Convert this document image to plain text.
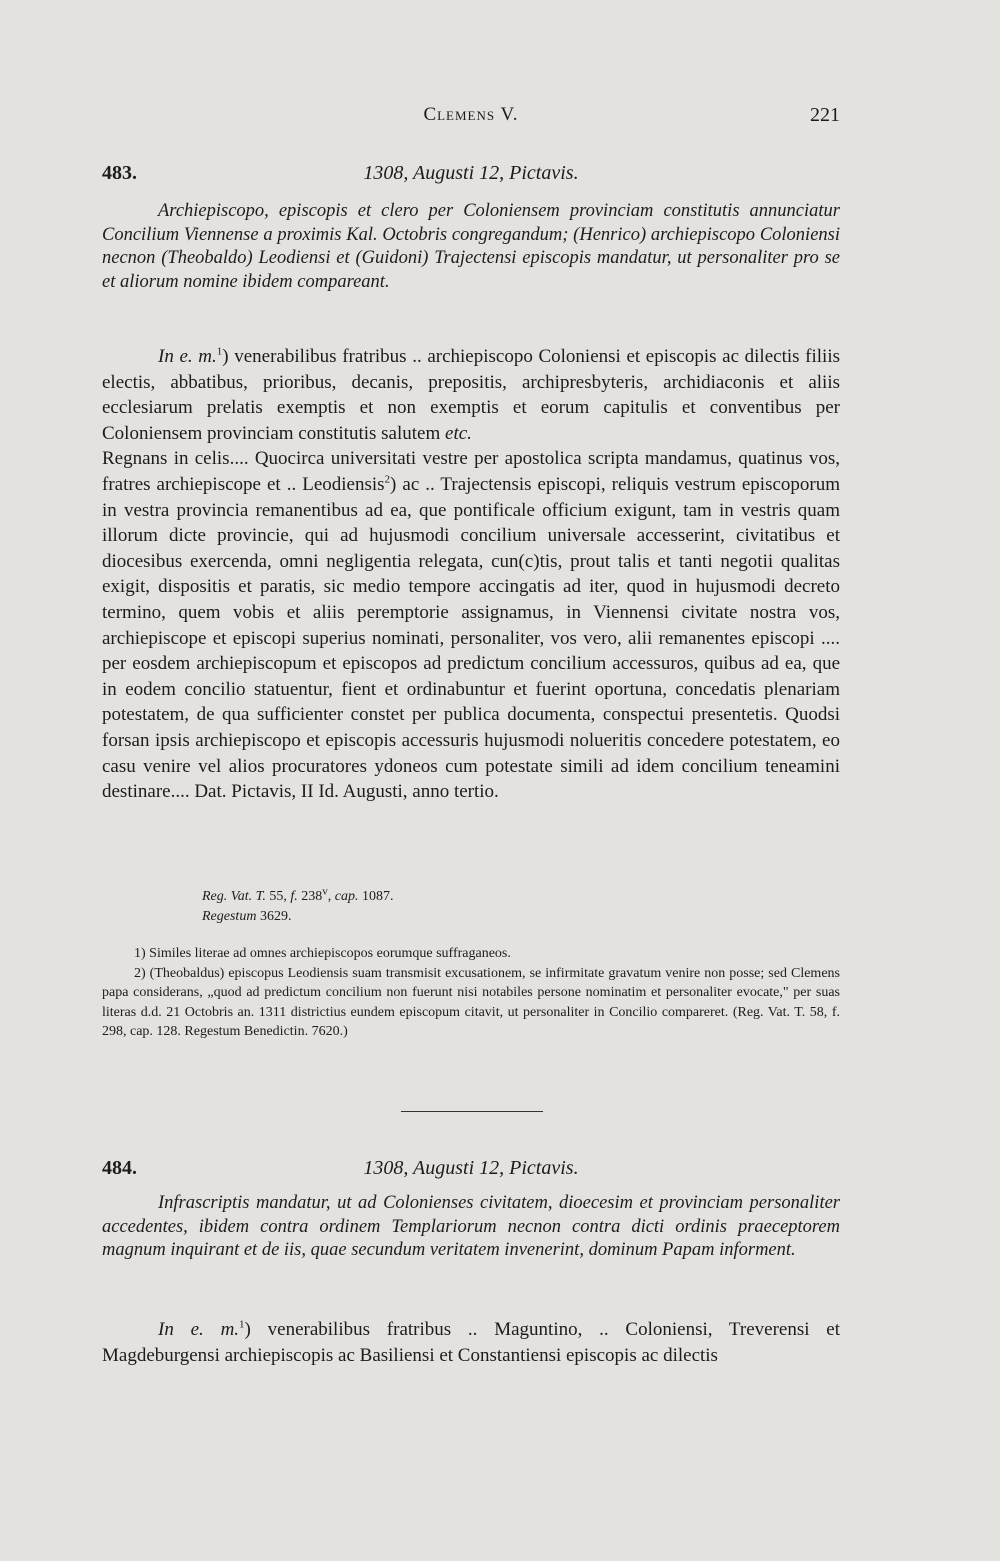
Clemens V.	221
483.	1308, Augusti 12, Pictavis.
Archiepiscopo, episcopis et clero per Coloniensem provinciam constitutis annunciatur Concilium Viennense a proximis Kal. Octobris congregandum; (Henrico) archiepiscopo Coloniensi necnon (Theobaldo) Leodiensi et (Guidoni) Trajectensi episcopis mandatur, ut personaliter pro se et aliorum nomine ibidem compareant.

In e. m.$^1$) venerabilibus fratribus .. archiepiscopo Coloniensi et episcopis ac dilectis filiis electis, abbatibus, prioribus, decanis, prepositis, archipresbyteris, archidiaconis et aliis ecclesiarum prelatis exemptis et non exemptis et eorum capitulis et conventibus per Coloniensem provinciam constitutis salutem etc.

Regnans in celis.... Quocirca universitati vestre per apostolica scripta mandamus, quatinus vos, fratres archiepiscope et .. Leodiensis$^2$) ac .. Trajectensis episcopi, reliquis vestrum episcoporum in vestra provincia remanentibus ad ea, que pontificale officium exigunt, tam in vestris quam illorum dicte provincie, qui ad hujusmodi concilium universale accesserint, civitatibus et diocesibus exercenda, omni negligentia relegata, cun(c)tis, prout talis et tanti negotii qualitas exigit, dispositis et paratis, sic medio tempore accingatis ad iter, quod in hujusmodi decreto termino, quem vobis et aliis peremptorie assignamus, in Viennensi civitate nostra vos, archiepiscope et episcopi superius nominati, personaliter, vos vero, alii remanentes episcopi .... per eosdem archiepiscopum et episcopos ad predictum concilium accessuros, quibus ad ea, que in eodem concilio statuentur, fient et ordinabuntur et fuerint oportuna, concedatis plenariam potestatem, de qua sufficienter constet per publica documenta, conspectui presentetis. Quodsi forsan ipsis archiepiscopo et episcopis accessuris hujusmodi nolueritis concedere potestatem, eo casu venire vel alios procuratores ydoneos cum potestate simili ad idem concilium teneamini destinare.... Dat. Pictavis, II Id. Augusti, anno tertio.

Reg. Vat. T. 55, f. 238$^v$, cap. 1087.
Regestum 3629.

1) Similes literae ad omnes archiepiscopos eorumque suffraganeos.

2) (Theobaldus) episcopus Leodiensis suam transmisit excusationem, se infirmitate gravatum venire non posse; sed Clemens papa considerans, „quod ad predictum concilium non fuerunt nisi notabiles persone nominatim et personaliter evocate," per suas literas d.d. 21 Octobris an. 1311 districtius eundem episcopum citavit, ut personaliter in Concilio compareret. (Reg. Vat. T. 58, f. 298, cap. 128. Regestum Benedictin. 7620.)

484.	1308, Augusti 12, Pictavis.
Infrascriptis mandatur, ut ad Colonienses civitatem, dioecesim et provinciam personaliter accedentes, ibidem contra ordinem Templariorum necnon contra dicti ordinis praeceptorem magnum inquirant et de iis, quae secundum veritatem invenerint, dominum Papam informent.

In e. m.$^1$) venerabilibus fratribus .. Maguntino, .. Coloniensi, Treverensi et Magdeburgensi archiepiscopis ac Basiliensi et Constantiensi episcopis ac dilectis
